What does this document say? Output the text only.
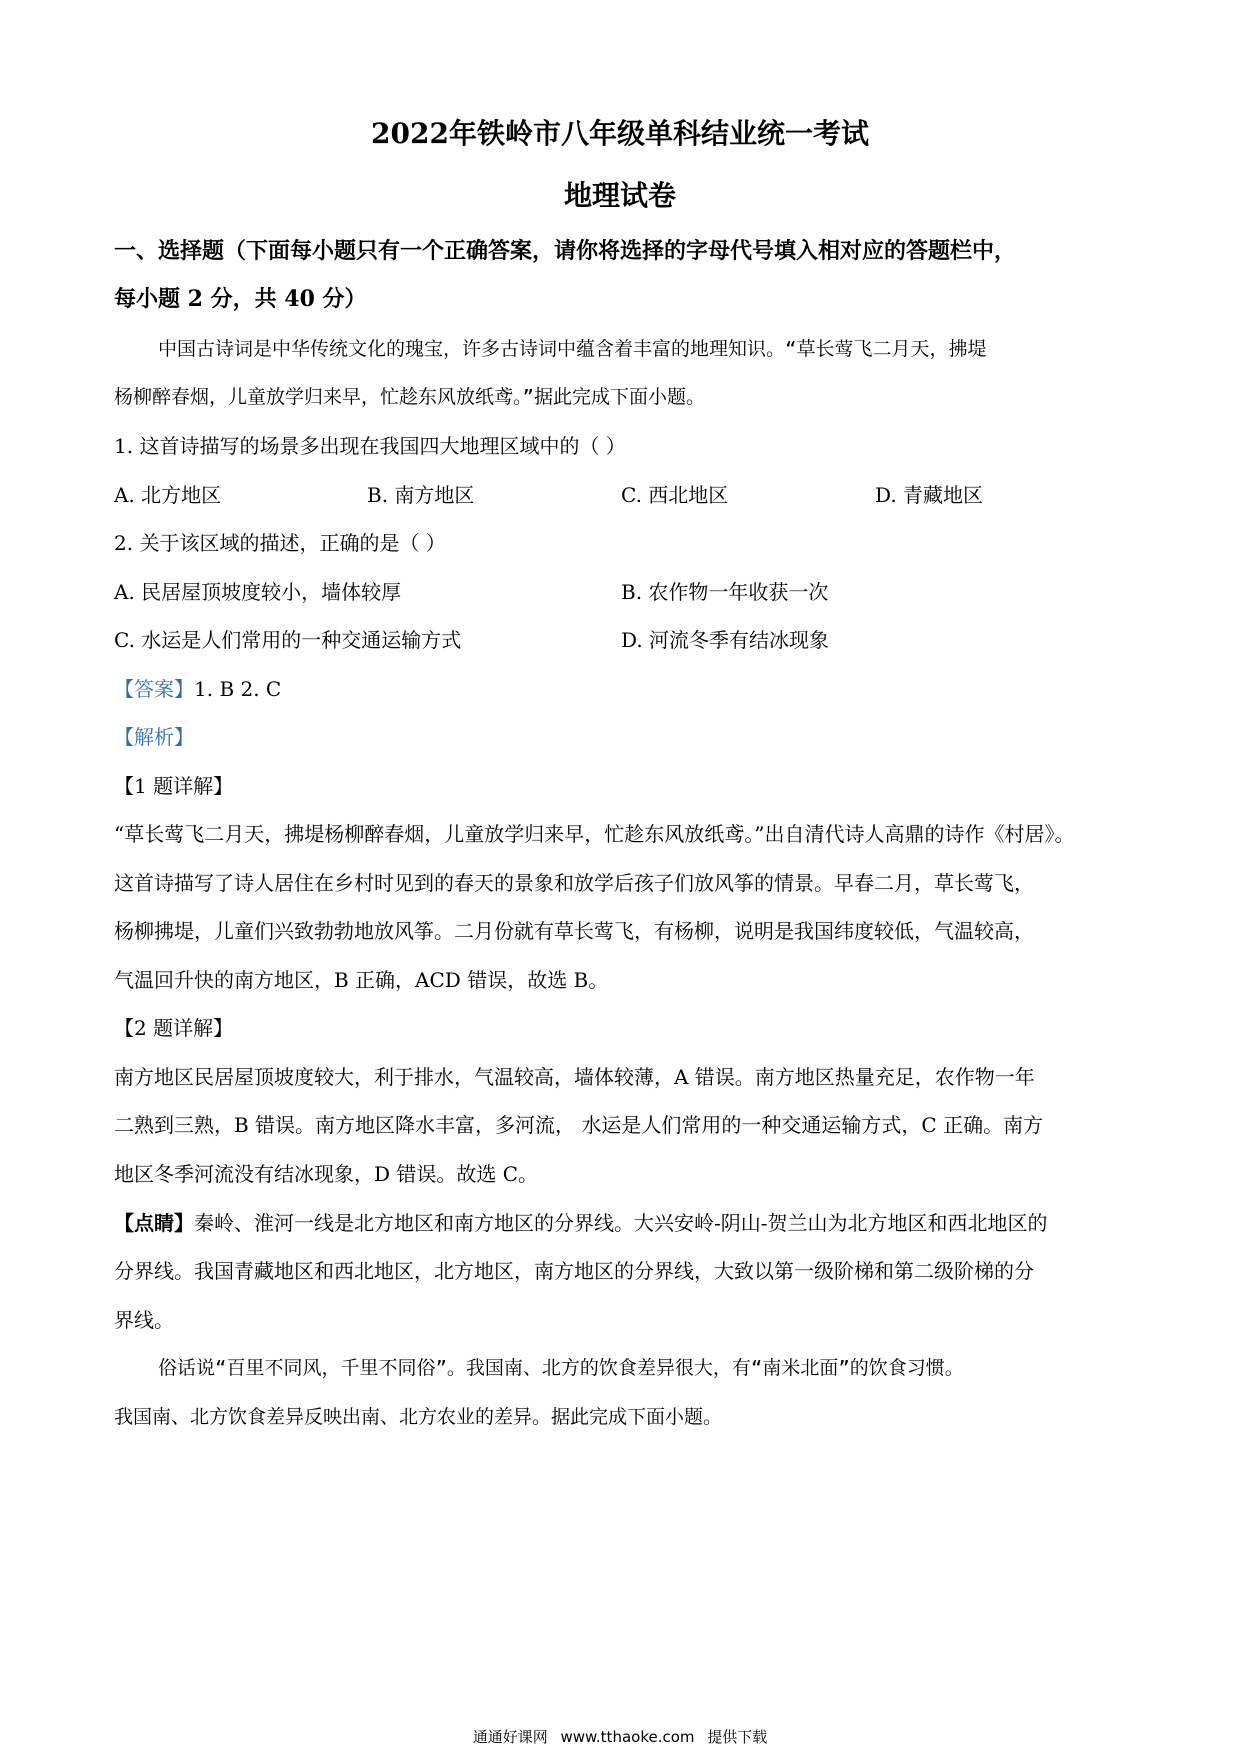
2022年铁岭市八年级单科结业统一考试
地理试卷
一、选择题（下面每小题只有一个正确答案，请你将选择的字母代号填入相对应的答题栏中，
每小题 2 分，共 40 分）
中国古诗词是中华传统文化的瑰宝，许多古诗词中蕴含着丰富的地理知识。“草长莺飞二月天，拂堤
杨柳醉春烟，儿童放学归来早，忙趁东风放纸鸢。”据此完成下面小题。
1. 这首诗描写的场景多出现在我国四大地理区域中的（ ）
A. 北方地区	B. 南方地区	C. 西北地区	D. 青藏地区
2. 关于该区域的描述，正确的是（ ）
A. 民居屋顶坡度较小，墙体较厚	B. 农作物一年收获一次
C. 水运是人们常用的一种交通运输方式	D. 河流冬季有结冰现象
【答案】1. B 2. C
【解析】
【1 题详解】
“草长莺飞二月天，拂堤杨柳醉春烟，儿童放学归来早，忙趁东风放纸鸢。”出自清代诗人高鼎的诗作《村居》。
这首诗描写了诗人居住在乡村时见到的春天的景象和放学后孩子们放风筝的情景。早春二月，草长莺飞，
杨柳拂堤，儿童们兴致勃勃地放风筝。二月份就有草长莺飞，有杨柳，说明是我国纬度较低，气温较高，
气温回升快的南方地区，B 正确，ACD 错误，故选 B。
【2 题详解】
南方地区民居屋顶坡度较大，利于排水，气温较高，墙体较薄，A 错误。南方地区热量充足，农作物一年
二熟到三熟，B 错误。南方地区降水丰富，多河流， 水运是人们常用的一种交通运输方式，C 正确。南方
地区冬季河流没有结冰现象，D 错误。故选 C。
【点睛】秦岭、淮河一线是北方地区和南方地区的分界线。大兴安岭-阴山-贺兰山为北方地区和西北地区的
分界线。我国青藏地区和西北地区，北方地区，南方地区的分界线，大致以第一级阶梯和第二级阶梯的分
界线。
俗话说“百里不同风，千里不同俗”。我国南、北方的饮食差异很大，有“南米北面”的饮食习惯。
我国南、北方饮食差异反映出南、北方农业的差异。据此完成下面小题。
通通好课网 www.tthaoke.com 提供下载
